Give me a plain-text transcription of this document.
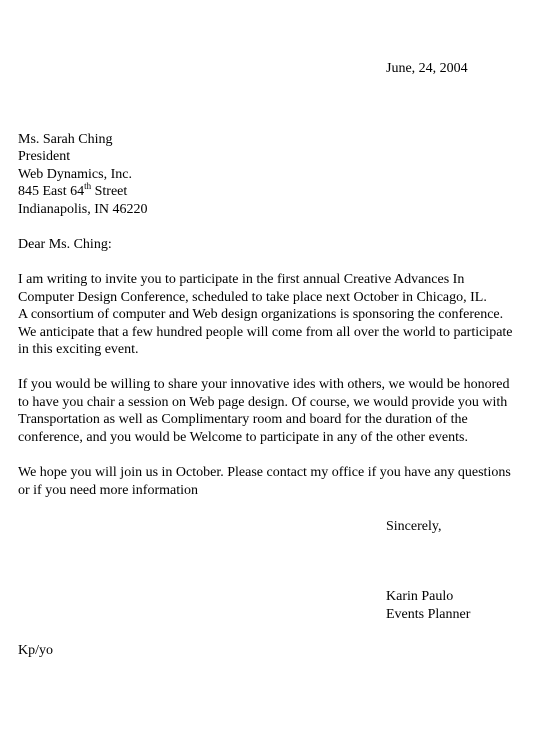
June, 24, 2004
Ms. Sarah Ching
President
Web Dynamics, Inc.
845 East 64th Street
Indianapolis, IN 46220
Dear Ms. Ching:
I am writing to invite you to participate in the first annual Creative Advances In
Computer Design Conference, scheduled to take place next October in Chicago, IL.
A consortium of computer and Web design organizations is sponsoring the conference.
We anticipate that a few hundred people will come from all over the world to participate
in this exciting event.
If you would be willing to share your innovative ides with others, we would be honored
to have you chair a session on Web page design. Of course, we would provide you with
Transportation as well as Complimentary room and board for the duration of the
conference, and you would be Welcome to participate in any of the other events.
We hope you will join us in October. Please contact my office if you have any questions
or if you need more information
Sincerely,
Karin Paulo
Events Planner
Kp/yo
